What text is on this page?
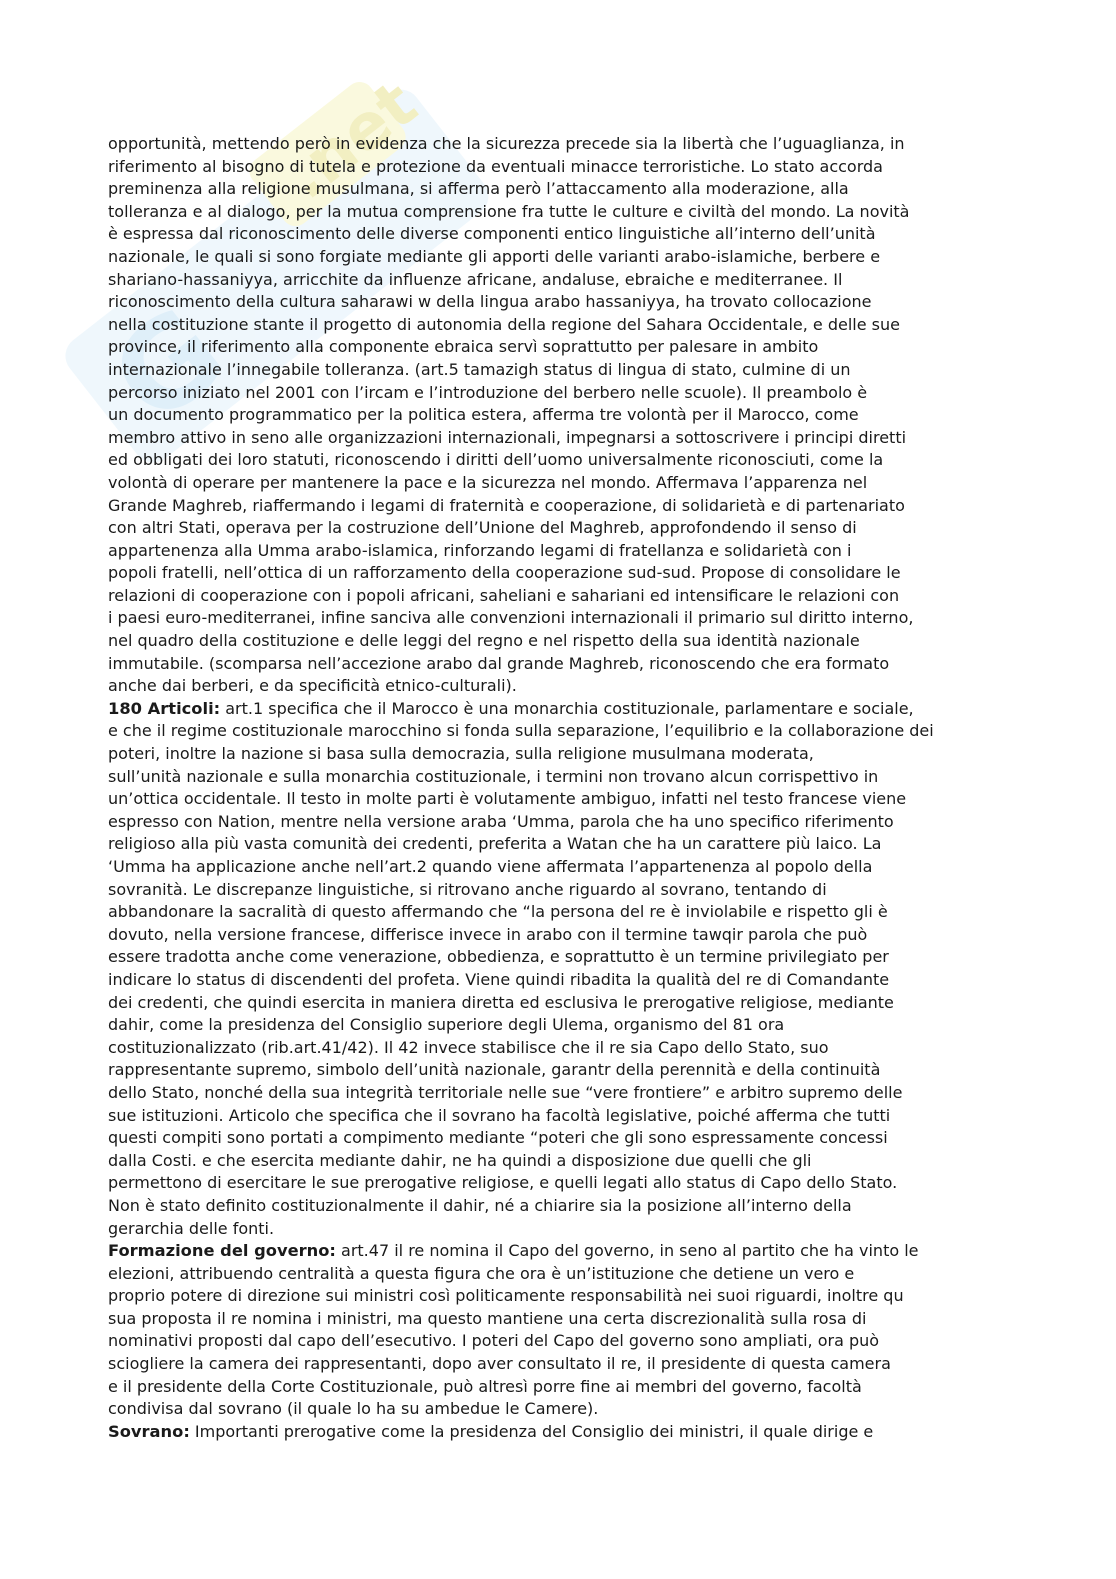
G
.net
opportunità, mettendo però in evidenza che la sicurezza precede sia la libertà che l’uguaglianza, in
riferimento al bisogno di tutela e protezione da eventuali minacce terroristiche. Lo stato accorda
preminenza alla religione musulmana, si afferma però l’attaccamento alla moderazione, alla
tolleranza e al dialogo, per la mutua comprensione fra tutte le culture e civiltà del mondo. La novità
è espressa dal riconoscimento delle diverse componenti entico linguistiche all’interno dell’unità
nazionale, le quali si sono forgiate mediante gli apporti delle varianti arabo-islamiche, berbere e
shariano-hassaniyya, arricchite da influenze africane, andaluse, ebraiche e mediterranee. Il
riconoscimento della cultura saharawi w della lingua arabo hassaniyya, ha trovato collocazione
nella costituzione stante il progetto di autonomia della regione del Sahara Occidentale, e delle sue
province, il riferimento alla componente ebraica servì soprattutto per palesare in ambito
internazionale l’innegabile tolleranza. (art.5 tamazigh status di lingua di stato, culmine di un
percorso iniziato nel 2001 con l’ircam e l’introduzione del berbero nelle scuole). Il preambolo è
un documento programmatico per la politica estera, afferma tre volontà per il Marocco, come
membro attivo in seno alle organizzazioni internazionali, impegnarsi a sottoscrivere i principi diretti
ed obbligati dei loro statuti, riconoscendo i diritti dell’uomo universalmente riconosciuti, come la
volontà di operare per mantenere la pace e la sicurezza nel mondo. Affermava l’apparenza nel
Grande Maghreb, riaffermando i legami di fraternità e cooperazione, di solidarietà e di partenariato
con altri Stati, operava per la costruzione dell’Unione del Maghreb, approfondendo il senso di
appartenenza alla Umma arabo-islamica, rinforzando legami di fratellanza e solidarietà con i
popoli fratelli, nell’ottica di un rafforzamento della cooperazione sud-sud. Propose di consolidare le
relazioni di cooperazione con i popoli africani, saheliani e sahariani ed intensificare le relazioni con
i paesi euro-mediterranei, infine sanciva alle convenzioni internazionali il primario sul diritto interno,
nel quadro della costituzione e delle leggi del regno e nel rispetto della sua identità nazionale
immutabile. (scomparsa nell’accezione arabo dal grande Maghreb, riconoscendo che era formato
anche dai berberi, e da specificità etnico-culturali).
180 Articoli: art.1 specifica che il Marocco è una monarchia costituzionale, parlamentare e sociale,
e che il regime costituzionale marocchino si fonda sulla separazione, l’equilibrio e la collaborazione dei
poteri, inoltre la nazione si basa sulla democrazia, sulla religione musulmana moderata,
sull’unità nazionale e sulla monarchia costituzionale, i termini non trovano alcun corrispettivo in
un’ottica occidentale. Il testo in molte parti è volutamente ambiguo, infatti nel testo francese viene
espresso con Nation, mentre nella versione araba ‘Umma, parola che ha uno specifico riferimento
religioso alla più vasta comunità dei credenti, preferita a Watan che ha un carattere più laico. La
‘Umma ha applicazione anche nell’art.2 quando viene affermata l’appartenenza al popolo della
sovranità. Le discrepanze linguistiche, si ritrovano anche riguardo al sovrano, tentando di
abbandonare la sacralità di questo affermando che “la persona del re è inviolabile e rispetto gli è
dovuto, nella versione francese, differisce invece in arabo con il termine tawqir parola che può
essere tradotta anche come venerazione, obbedienza, e soprattutto è un termine privilegiato per
indicare lo status di discendenti del profeta. Viene quindi ribadita la qualità del re di Comandante
dei credenti, che quindi esercita in maniera diretta ed esclusiva le prerogative religiose, mediante
dahir, come la presidenza del Consiglio superiore degli Ulema, organismo del 81 ora
costituzionalizzato (rib.art.41/42). Il 42 invece stabilisce che il re sia Capo dello Stato, suo
rappresentante supremo, simbolo dell’unità nazionale, garantr della perennità e della continuità
dello Stato, nonché della sua integrità territoriale nelle sue “vere frontiere” e arbitro supremo delle
sue istituzioni. Articolo che specifica che il sovrano ha facoltà legislative, poiché afferma che tutti
questi compiti sono portati a compimento mediante “poteri che gli sono espressamente concessi
dalla Costi. e che esercita mediante dahir, ne ha quindi a disposizione due quelli che gli
permettono di esercitare le sue prerogative religiose, e quelli legati allo status di Capo dello Stato.
Non è stato definito costituzionalmente il dahir, né a chiarire sia la posizione all’interno della
gerarchia delle fonti.
Formazione del governo: art.47 il re nomina il Capo del governo, in seno al partito che ha vinto le
elezioni, attribuendo centralità a questa figura che ora è un’istituzione che detiene un vero e
proprio potere di direzione sui ministri così politicamente responsabilità nei suoi riguardi, inoltre qu
sua proposta il re nomina i ministri, ma questo mantiene una certa discrezionalità sulla rosa di
nominativi proposti dal capo dell’esecutivo. I poteri del Capo del governo sono ampliati, ora può
sciogliere la camera dei rappresentanti, dopo aver consultato il re, il presidente di questa camera
e il presidente della Corte Costituzionale, può altresì porre fine ai membri del governo, facoltà
condivisa dal sovrano (il quale lo ha su ambedue le Camere).
Sovrano: Importanti prerogative come la presidenza del Consiglio dei ministri, il quale dirige e
